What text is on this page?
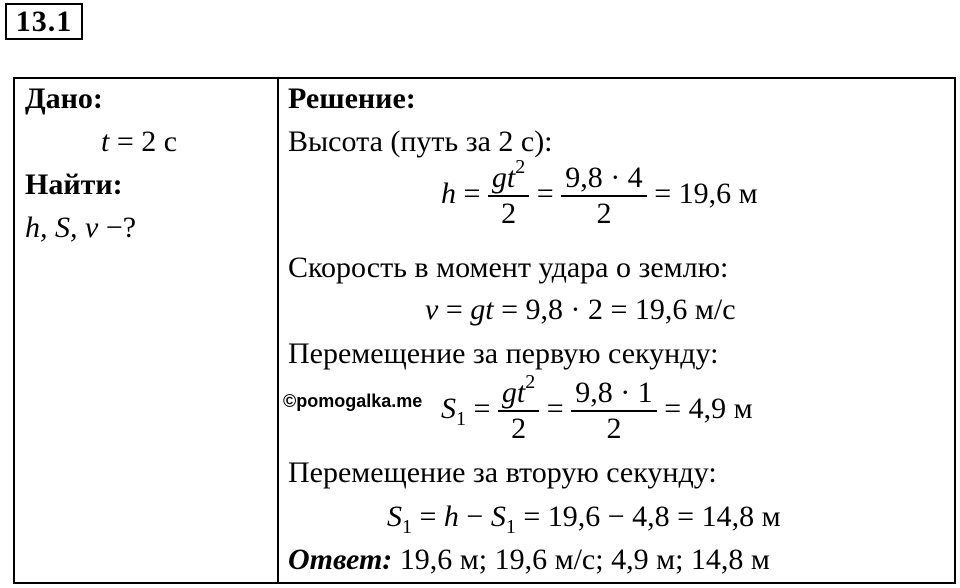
13.1
Дано:
t = 2 с
Найти:
h, S, v −?
Решение:
Высота (путь за 2 с):
$h = \frac{gt^2}{2} = \frac{9,8 \cdot 4}{2} = 19,6$ м
Скорость в момент удара о землю:
v = gt = 9,8 · 2 = 19,6 м/с
Перемещение за первую секунду:
©pomogalka.me $S_1 = \frac{gt^2}{2} = \frac{9,8 \cdot 1}{2} = 4,9$ м
Перемещение за вторую секунду:
$S_1 = h - S_1 = 19,6 - 4,8 = 14,8$ м
Ответ: 19,6 м; 19,6 м/с; 4,9 м; 14,8 м
